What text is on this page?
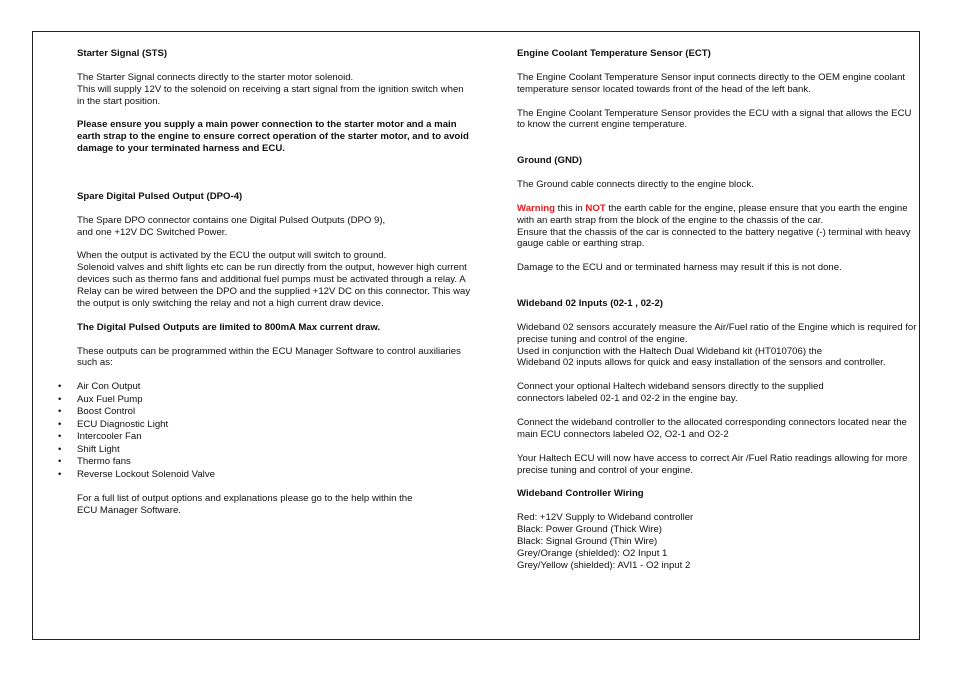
Starter Signal (STS)

The Starter Signal connects directly to the starter motor solenoid.

This will supply 12V to the solenoid on receiving a start signal from the ignition switch when in the start position.

Please ensure you supply a main power connection to the starter motor and a main earth strap to the engine to ensure correct operation of the starter motor, and to avoid damage to your terminated harness and ECU.

Spare Digital Pulsed Output (DPO-4)

The Spare DPO connector contains one Digital Pulsed Outputs (DPO 9),

and one +12V DC Switched Power.

When the output is activated by the ECU the output will switch to ground.

Solenoid valves and shift lights etc can be run directly from the output, however high current devices such as thermo fans and additional fuel pumps must be activated through a relay. A Relay can be wired between the DPO and the supplied +12V DC on this connector. This way the output is only switching the relay and not a high current draw device.

The Digital Pulsed Outputs are limited to 800mA Max current draw.

These outputs can be programmed within the ECU Manager Software to control auxiliaries such as:

•	Air Con Output
•	Aux Fuel Pump
•	Boost Control
•	ECU Diagnostic Light
•	Intercooler Fan
•	Shift Light
•	Thermo fans
•	Reverse Lockout Solenoid Valve

For a full list of output options and explanations please go to the help within the

ECU Manager Software.

Engine Coolant Temperature Sensor (ECT)

The Engine Coolant Temperature Sensor input connects directly to the OEM engine coolant temperature sensor located towards front of the head of the left bank.

The Engine Coolant Temperature Sensor provides the ECU with a signal that allows the ECU to know the current engine temperature.

Ground (GND)

The Ground cable connects directly to the engine block.

Warning this in NOT the earth cable for the engine, please ensure that you earth the engine with an earth strap from the block of the engine to the chassis of the car.

Ensure that the chassis of the car is connected to the battery negative (-) terminal with heavy gauge cable or earthing strap.

Damage to the ECU and or terminated harness may result if this is not done.

Wideband 02 Inputs (02-1 , 02-2)

Wideband 02 sensors accurately measure the Air/Fuel ratio of the Engine which is required for precise tuning and control of the engine.

Used in conjunction with the Haltech Dual Wideband kit (HT010706) the

Wideband 02 inputs allows for quick and easy installation of the sensors and controller.

Connect your optional Haltech wideband sensors directly to the supplied

connectors labeled 02-1 and 02-2 in the engine bay.

Connect the wideband controller to the allocated corresponding connectors located near the main ECU connectors labeled O2, O2-1 and O2-2

Your Haltech ECU will now have access to correct Air /Fuel Ratio readings allowing for more precise tuning and control of your engine.

Wideband Controller Wiring

Red: +12V Supply to Wideband controller

Black: Power Ground (Thick Wire)

Black: Signal Ground (Thin Wire)

Grey/Orange (shielded): O2 Input 1

Grey/Yellow (shielded): AVI1 - O2 input 2
